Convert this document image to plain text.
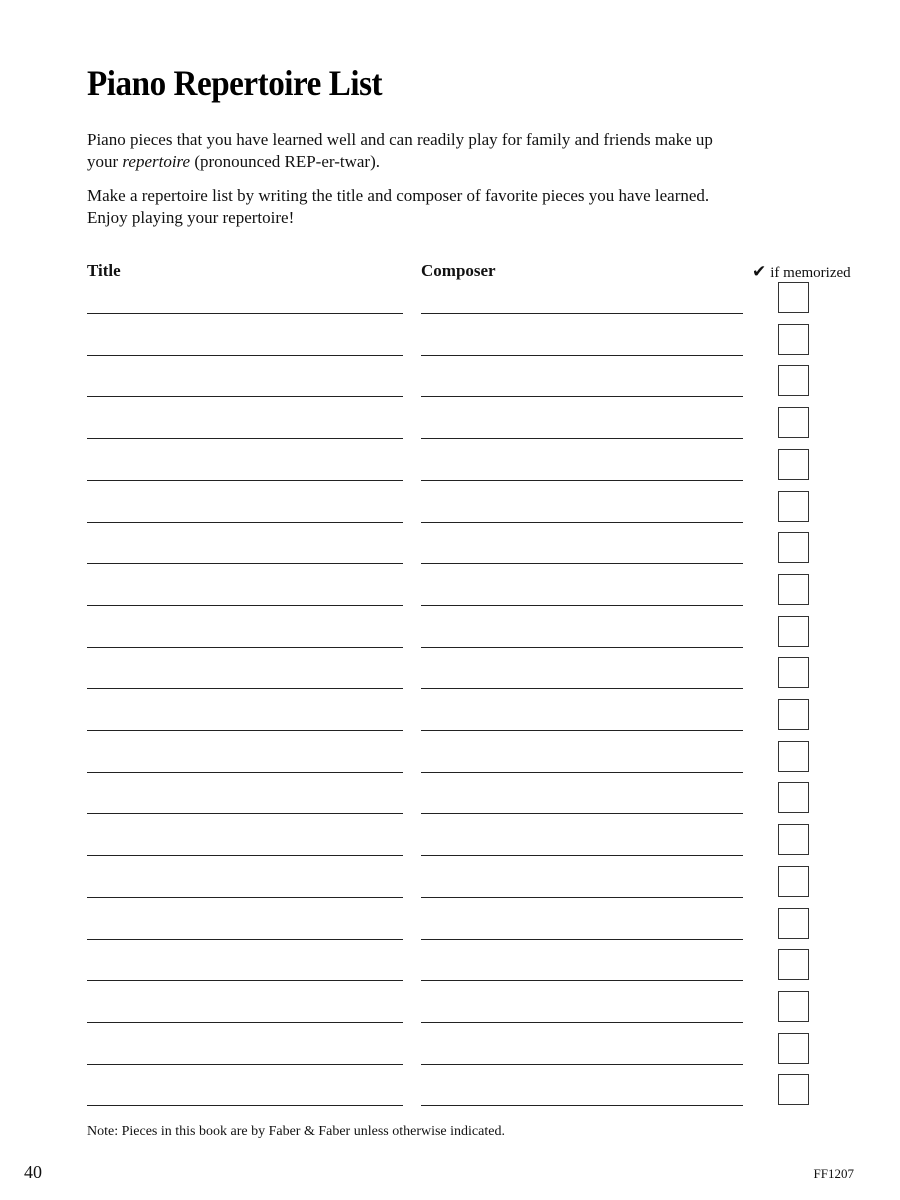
Piano Repertoire List

Piano pieces that you have learned well and can readily play for family and friends make up your repertoire (pronounced REP-er-twar).

Make a repertoire list by writing the title and composer of favorite pieces you have learned. Enjoy playing your repertoire!

Title	Composer	✔ if memorized

Note: Pieces in this book are by Faber & Faber unless otherwise indicated.

40	FF1207
